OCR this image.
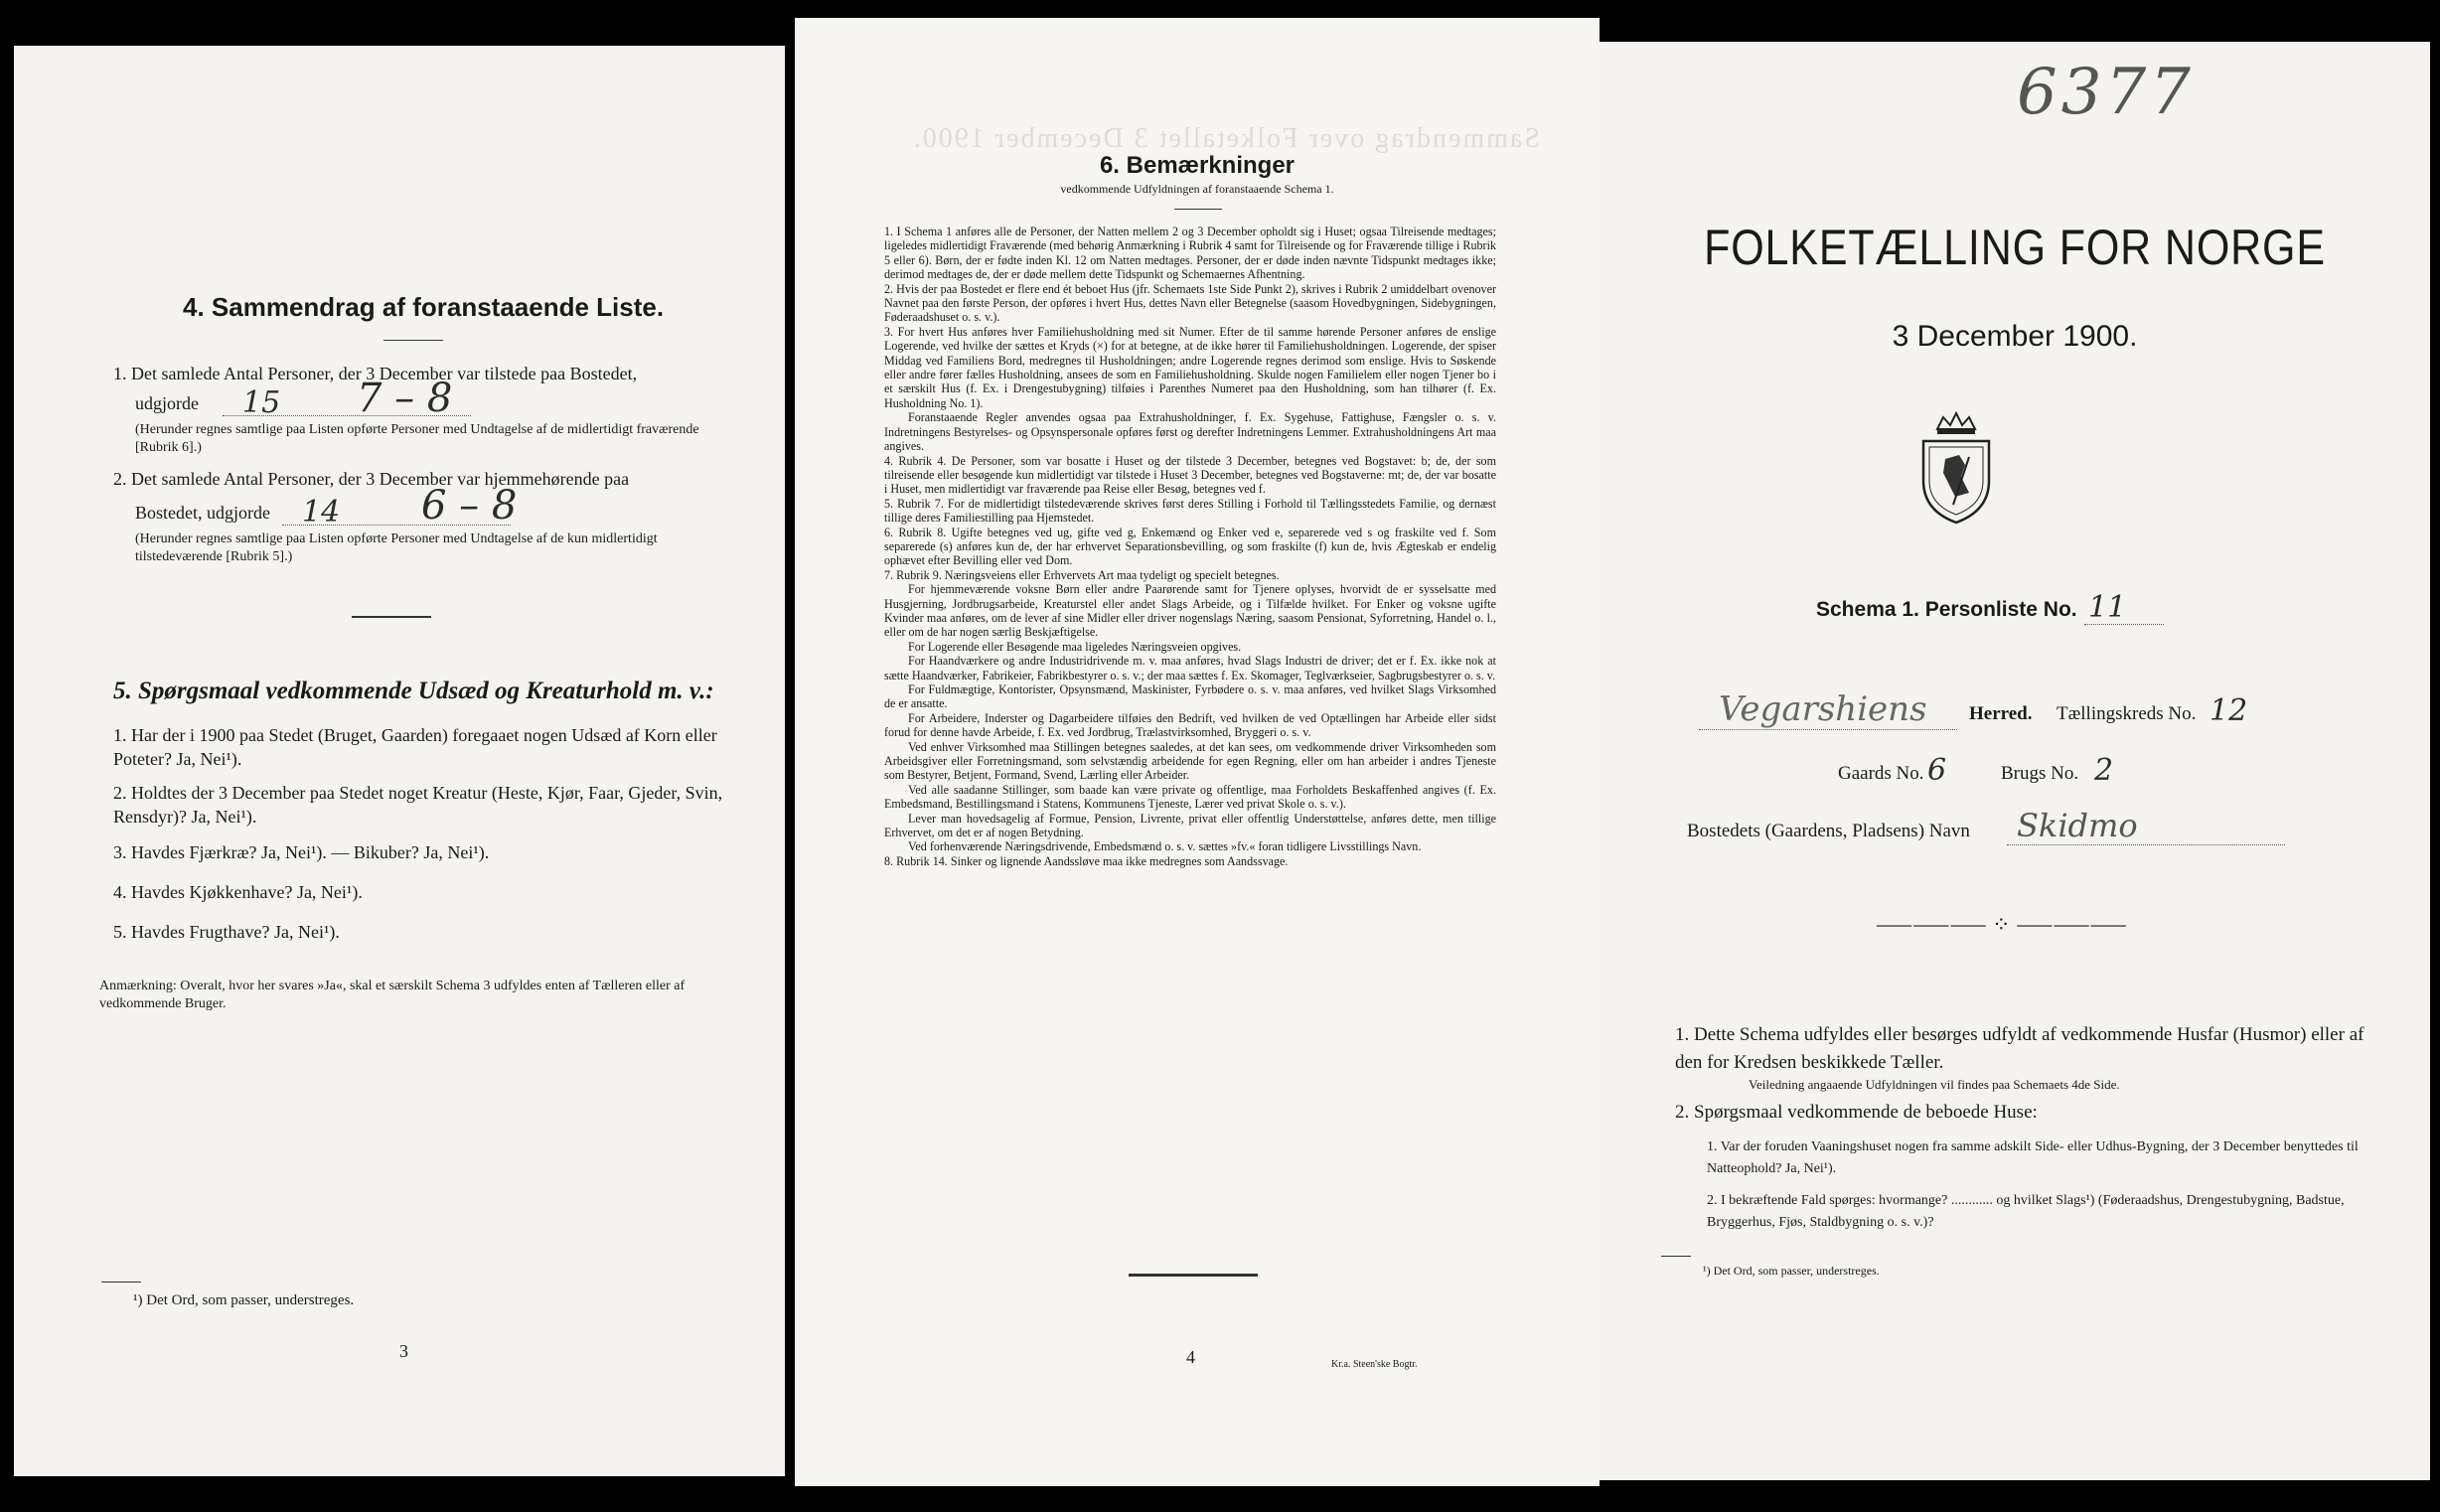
4. Sammendrag af foranstaaende Liste.
1. Det samlede Antal Personer, der 3 December var tilstede paa Bostedet,
udgjorde 15 7 – 8
(Herunder regnes samtlige paa Listen opførte Personer med Undtagelse af de midlertidigt fraværende [Rubrik 6].)
2. Det samlede Antal Personer, der 3 December var hjemmehørende paa
Bostedet, udgjorde 14 6 – 8
(Herunder regnes samtlige paa Listen opførte Personer med Undtagelse af de kun midlertidigt tilstedeværende [Rubrik 5].)
5. Spørgsmaal vedkommende Udsæd og Kreaturhold m. v.:
1. Har der i 1900 paa Stedet (Bruget, Gaarden) foregaaet nogen Udsæd af Korn eller Poteter? Ja, Nei¹).
2. Holdtes der 3 December paa Stedet noget Kreatur (Heste, Kjør, Faar, Gjeder, Svin, Rensdyr)? Ja, Nei¹).
3. Havdes Fjærkræ? Ja, Nei¹). — Bikuber? Ja, Nei¹).
4. Havdes Kjøkkenhave? Ja, Nei¹).
5. Havdes Frugthave? Ja, Nei¹).
Anmærkning: Overalt, hvor her svares »Ja«, skal et særskilt Schema 3 udfyldes enten af Tælleren eller af vedkommende Bruger.
¹) Det Ord, som passer, understreges.
3
Sammendrag over Folketallet 3 December 1900.
6. Bemærkninger
vedkommende Udfyldningen af foranstaaende Schema 1.

1. I Schema 1 anføres alle de Personer, der Natten mellem 2 og 3 December opholdt sig i Huset; ogsaa Tilreisende medtages; ligeledes midlertidigt Fraværende (med behørig Anmærkning i Rubrik 4 samt for Tilreisende og for Fraværende tillige i Rubrik 5 eller 6). Børn, der er fødte inden Kl. 12 om Natten medtages. Personer, der er døde inden nævnte Tidspunkt medtages ikke; derimod medtages de, der er døde mellem dette Tidspunkt og Schemaernes Afhentning.

2. Hvis der paa Bostedet er flere end ét beboet Hus (jfr. Schemaets 1ste Side Punkt 2), skrives i Rubrik 2 umiddelbart ovenover Navnet paa den første Person, der opføres i hvert Hus, dettes Navn eller Betegnelse (saasom Hovedbygningen, Sidebygningen, Føderaadshuset o. s. v.).

3. For hvert Hus anføres hver Familiehusholdning med sit Numer. Efter de til samme hørende Personer anføres de enslige Logerende, ved hvilke der sættes et Kryds (×) for at betegne, at de ikke hører til Familiehusholdningen. Logerende, der spiser Middag ved Familiens Bord, medregnes til Husholdningen; andre Logerende regnes derimod som enslige. Hvis to Søskende eller andre fører fælles Husholdning, ansees de som en Familiehusholdning. Skulde nogen Familielem eller nogen Tjener bo i et særskilt Hus (f. Ex. i Drengestubygning) tilføies i Parenthes Numeret paa den Husholdning, som han tilhører (f. Ex. Husholdning No. 1).

Foranstaaende Regler anvendes ogsaa paa Extrahusholdninger, f. Ex. Sygehuse, Fattighuse, Fængsler o. s. v. Indretningens Bestyrelses- og Opsynspersonale opføres først og derefter Indretningens Lemmer. Extrahusholdningens Art maa angives.

4. Rubrik 4. De Personer, som var bosatte i Huset og der tilstede 3 December, betegnes ved Bogstavet: b; de, der som tilreisende eller besøgende kun midlertidigt var tilstede i Huset 3 December, betegnes ved Bogstaverne: mt; de, der var bosatte i Huset, men midlertidigt var fraværende paa Reise eller Besøg, betegnes ved f.

5. Rubrik 7. For de midlertidigt tilstedeværende skrives først deres Stilling i Forhold til Tællingsstedets Familie, og dernæst tillige deres Familiestilling paa Hjemstedet.

6. Rubrik 8. Ugifte betegnes ved ug, gifte ved g, Enkemænd og Enker ved e, separerede ved s og fraskilte ved f. Som separerede (s) anføres kun de, der har erhvervet Separationsbevilling, og som fraskilte (f) kun de, hvis Ægteskab er endelig ophævet efter Bevilling eller ved Dom.

7. Rubrik 9. Næringsveiens eller Erhvervets Art maa tydeligt og specielt betegnes.

For hjemmeværende voksne Børn eller andre Paarørende samt for Tjenere oplyses, hvorvidt de er sysselsatte med Husgjerning, Jordbrugsarbeide, Kreaturstel eller andet Slags Arbeide, og i Tilfælde hvilket. For Enker og voksne ugifte Kvinder maa anføres, om de lever af sine Midler eller driver nogenslags Næring, saasom Pensionat, Syforretning, Handel o. l., eller om de har nogen særlig Beskjæftigelse.

For Logerende eller Besøgende maa ligeledes Næringsveien opgives.

For Haandværkere og andre Industridrivende m. v. maa anføres, hvad Slags Industri de driver; det er f. Ex. ikke nok at sætte Haandværker, Fabrikeier, Fabrikbestyrer o. s. v.; der maa sættes f. Ex. Skomager, Teglværkseier, Sagbrugsbestyrer o. s. v.

For Fuldmægtige, Kontorister, Opsynsmænd, Maskinister, Fyrbødere o. s. v. maa anføres, ved hvilket Slags Virksomhed de er ansatte.

For Arbeidere, Inderster og Dagarbeidere tilføies den Bedrift, ved hvilken de ved Optællingen har Arbeide eller sidst forud for denne havde Arbeide, f. Ex. ved Jordbrug, Trælastvirksomhed, Bryggeri o. s. v.

Ved enhver Virksomhed maa Stillingen betegnes saaledes, at det kan sees, om vedkommende driver Virksomheden som Arbeidsgiver eller Forretningsmand, som selvstændig arbeidende for egen Regning, eller om han arbeider i andres Tjeneste som Bestyrer, Betjent, Formand, Svend, Lærling eller Arbeider.

Ved alle saadanne Stillinger, som baade kan være private og offentlige, maa Forholdets Beskaffenhed angives (f. Ex. Embedsmand, Bestillingsmand i Statens, Kommunens Tjeneste, Lærer ved privat Skole o. s. v.).

Lever man hovedsagelig af Formue, Pension, Livrente, privat eller offentlig Understøttelse, anføres dette, men tillige Erhvervet, om det er af nogen Betydning.

Ved forhenværende Næringsdrivende, Embedsmænd o. s. v. sættes »fv.« foran tidligere Livsstillings Navn.

8. Rubrik 14. Sinker og lignende Aandssløve maa ikke medregnes som Aandssvage.

4	Kr.a. Steen'ske Bogtr.
6377
FOLKETÆLLING FOR NORGE
3 December 1900.
Schema 1. Personliste No. 11
Vegarshiens Herred. Tællingskreds No. 12
Gaards No. 6	Brugs No. 2
Bostedets (Gaardens, Pladsens) Navn Skidmo
⸺⸺⸺ ⁘ ⸺⸺⸺
1. Dette Schema udfyldes eller besørges udfyldt af vedkommende Husfar (Husmor) eller af den for Kredsen beskikkede Tæller.
Veiledning angaaende Udfyldningen vil findes paa Schemaets 4de Side.
2. Spørgsmaal vedkommende de beboede Huse:
1. Var der foruden Vaaningshuset nogen fra samme adskilt Side- eller Udhus-Bygning, der 3 December benyttedes til Natteophold? Ja, Nei¹).
2. I bekræftende Fald spørges: hvormange? ............ og hvilket Slags¹) (Føderaadshus, Drengestubygning, Badstue, Bryggerhus, Fjøs, Staldbygning o. s. v.)?
¹) Det Ord, som passer, understreges.
